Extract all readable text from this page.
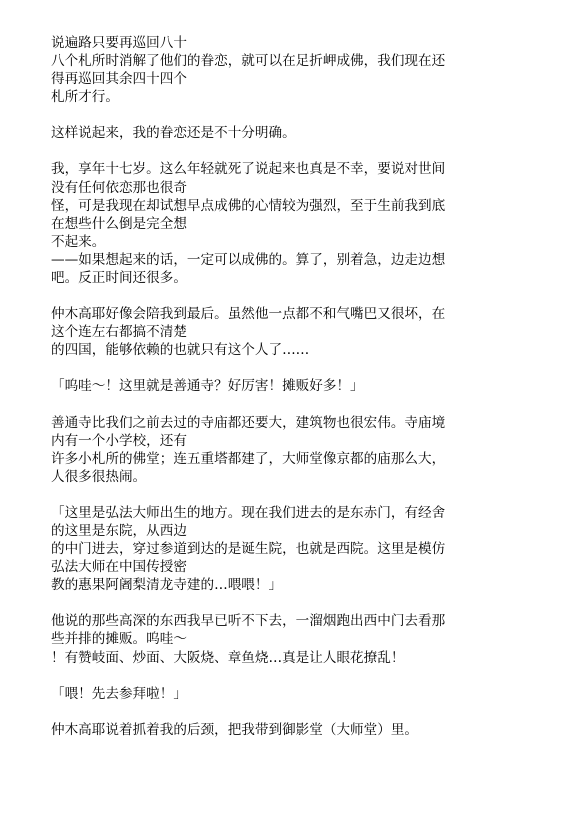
说遍路只要再巡回八十
八个札所时消解了他们的眷恋，就可以在足折岬成佛，我们现在还
得再巡回其余四十四个
札所才行。
这样说起来，我的眷恋还是不十分明确。
我，享年十七岁。这么年轻就死了说起来也真是不幸，要说对世间
没有任何依恋那也很奇
怪，可是我现在却试想早点成佛的心情较为强烈，至于生前我到底
在想些什么倒是完全想
不起来。
——如果想起来的话，一定可以成佛的。算了，别着急，边走边想
吧。反正时间还很多。
仲木高耶好像会陪我到最后。虽然他一点都不和气嘴巴又很坏，在
这个连左右都搞不清楚
的四国，能够依赖的也就只有这个人了……
「呜哇～！这里就是善通寺？好厉害！摊贩好多！」
善通寺比我们之前去过的寺庙都还要大，建筑物也很宏伟。寺庙境
内有一个小学校，还有
许多小札所的佛堂；连五重塔都建了，大师堂像京都的庙那么大，
人很多很热闹。
「这里是弘法大师出生的地方。现在我们进去的是东赤门，有经舍
的这里是东院，从西边
的中门进去，穿过参道到达的是诞生院，也就是西院。这里是模仿
弘法大师在中国传授密
教的惠果阿阇梨清龙寺建的…喂喂！」
他说的那些高深的东西我早已听不下去，一溜烟跑出西中门去看那
些并排的摊贩。呜哇～
！有赞岐面、炒面、大阪烧、章鱼烧…真是让人眼花撩乱！
「喂！先去参拜啦！」
仲木高耶说着抓着我的后颈，把我带到御影堂（大师堂）里。
